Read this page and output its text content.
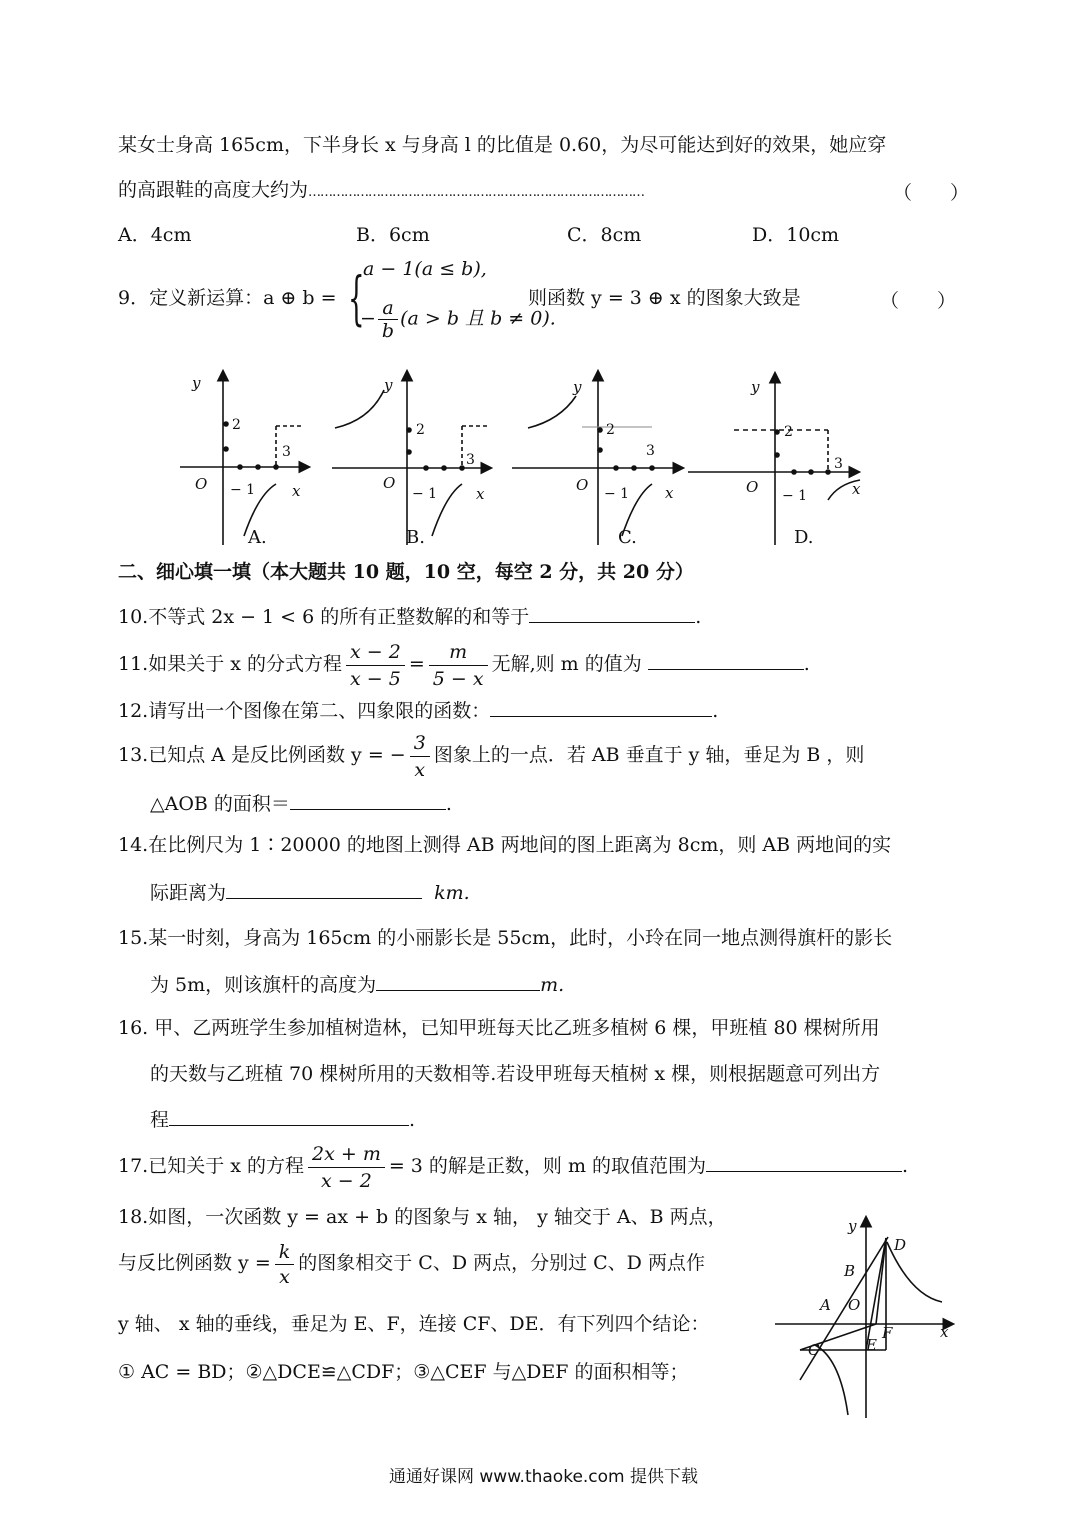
某女士身高 165cm，下半身长 x 与身高 l 的比值是 0.60，为尽可能达到好的效果，她应穿
的高跟鞋的高度大约为…………………………………………………………………………	（　　）
A．4cm	B．6cm	C．8cm	D．10cm
9．定义新运算：a ⊕ b = {
a − 1(a ≤ b),
− $\frac{a}{b} (a > b$ 且 b ≠ 0).
则函数 y = 3 ⊕ x 的图象大致是	（　　）
y
x
O
y
x
O
y
x
O
y
x
O
2
3
− 1
2
3
− 1
2
3
− 1
2
3
− 1
A.	B.	C.	D.
二、细心填一填（本大题共 10 题，10 空，每空 2 分，共 20 分）
10.不等式 2x − 1 < 6 的所有正整数解的和等于	.
11.如果关于 x 的分式方程 $\frac{x - 2}{x - 5} = \frac{m}{5 - x}$ 无解,则 m 的值为	.
12.请写出一个图像在第二、四象限的函数：	.
13.已知点 A 是反比例函数 y = − $\frac{3}{x}$ 图象上的一点．若 AB 垂直于 y 轴，垂足为 B ，则
△AOB 的面积＝	.
14.在比例尺为 1∶20000 的地图上测得 AB 两地间的图上距离为 8cm，则 AB 两地间的实
际距离为	km.
15.某一时刻，身高为 165cm 的小丽影长是 55cm，此时，小玲在同一地点测得旗杆的影长
为 5m，则该旗杆的高度为	m.
16. 甲、乙两班学生参加植树造林，已知甲班每天比乙班多植树 6 棵，甲班植 80 棵树所用
的天数与乙班植 70 棵树所用的天数相等.若设甲班每天植树 x 棵，则根据题意可列出方
程	.
17.已知关于 x 的方程 $\frac{2x + m}{x - 2} = 3$ 的解是正数，则 m 的取值范围为	.
18.如图，一次函数 y = ax + b 的图象与 x 轴， y 轴交于 A、B 两点，
与反比例函数 $y = \frac{k}{x}$ 的图象相交于 C、D 两点，分别过 C、D 两点作
y 轴、 x 轴的垂线，垂足为 E、F，连接 CF、DE．有下列四个结论：
① AC = BD；②△DCE≌△CDF；③△CEF 与△DEF 的面积相等；
y
x
D
B
A O
F
E
C
通通好课网 www.thaoke.com 提供下载
